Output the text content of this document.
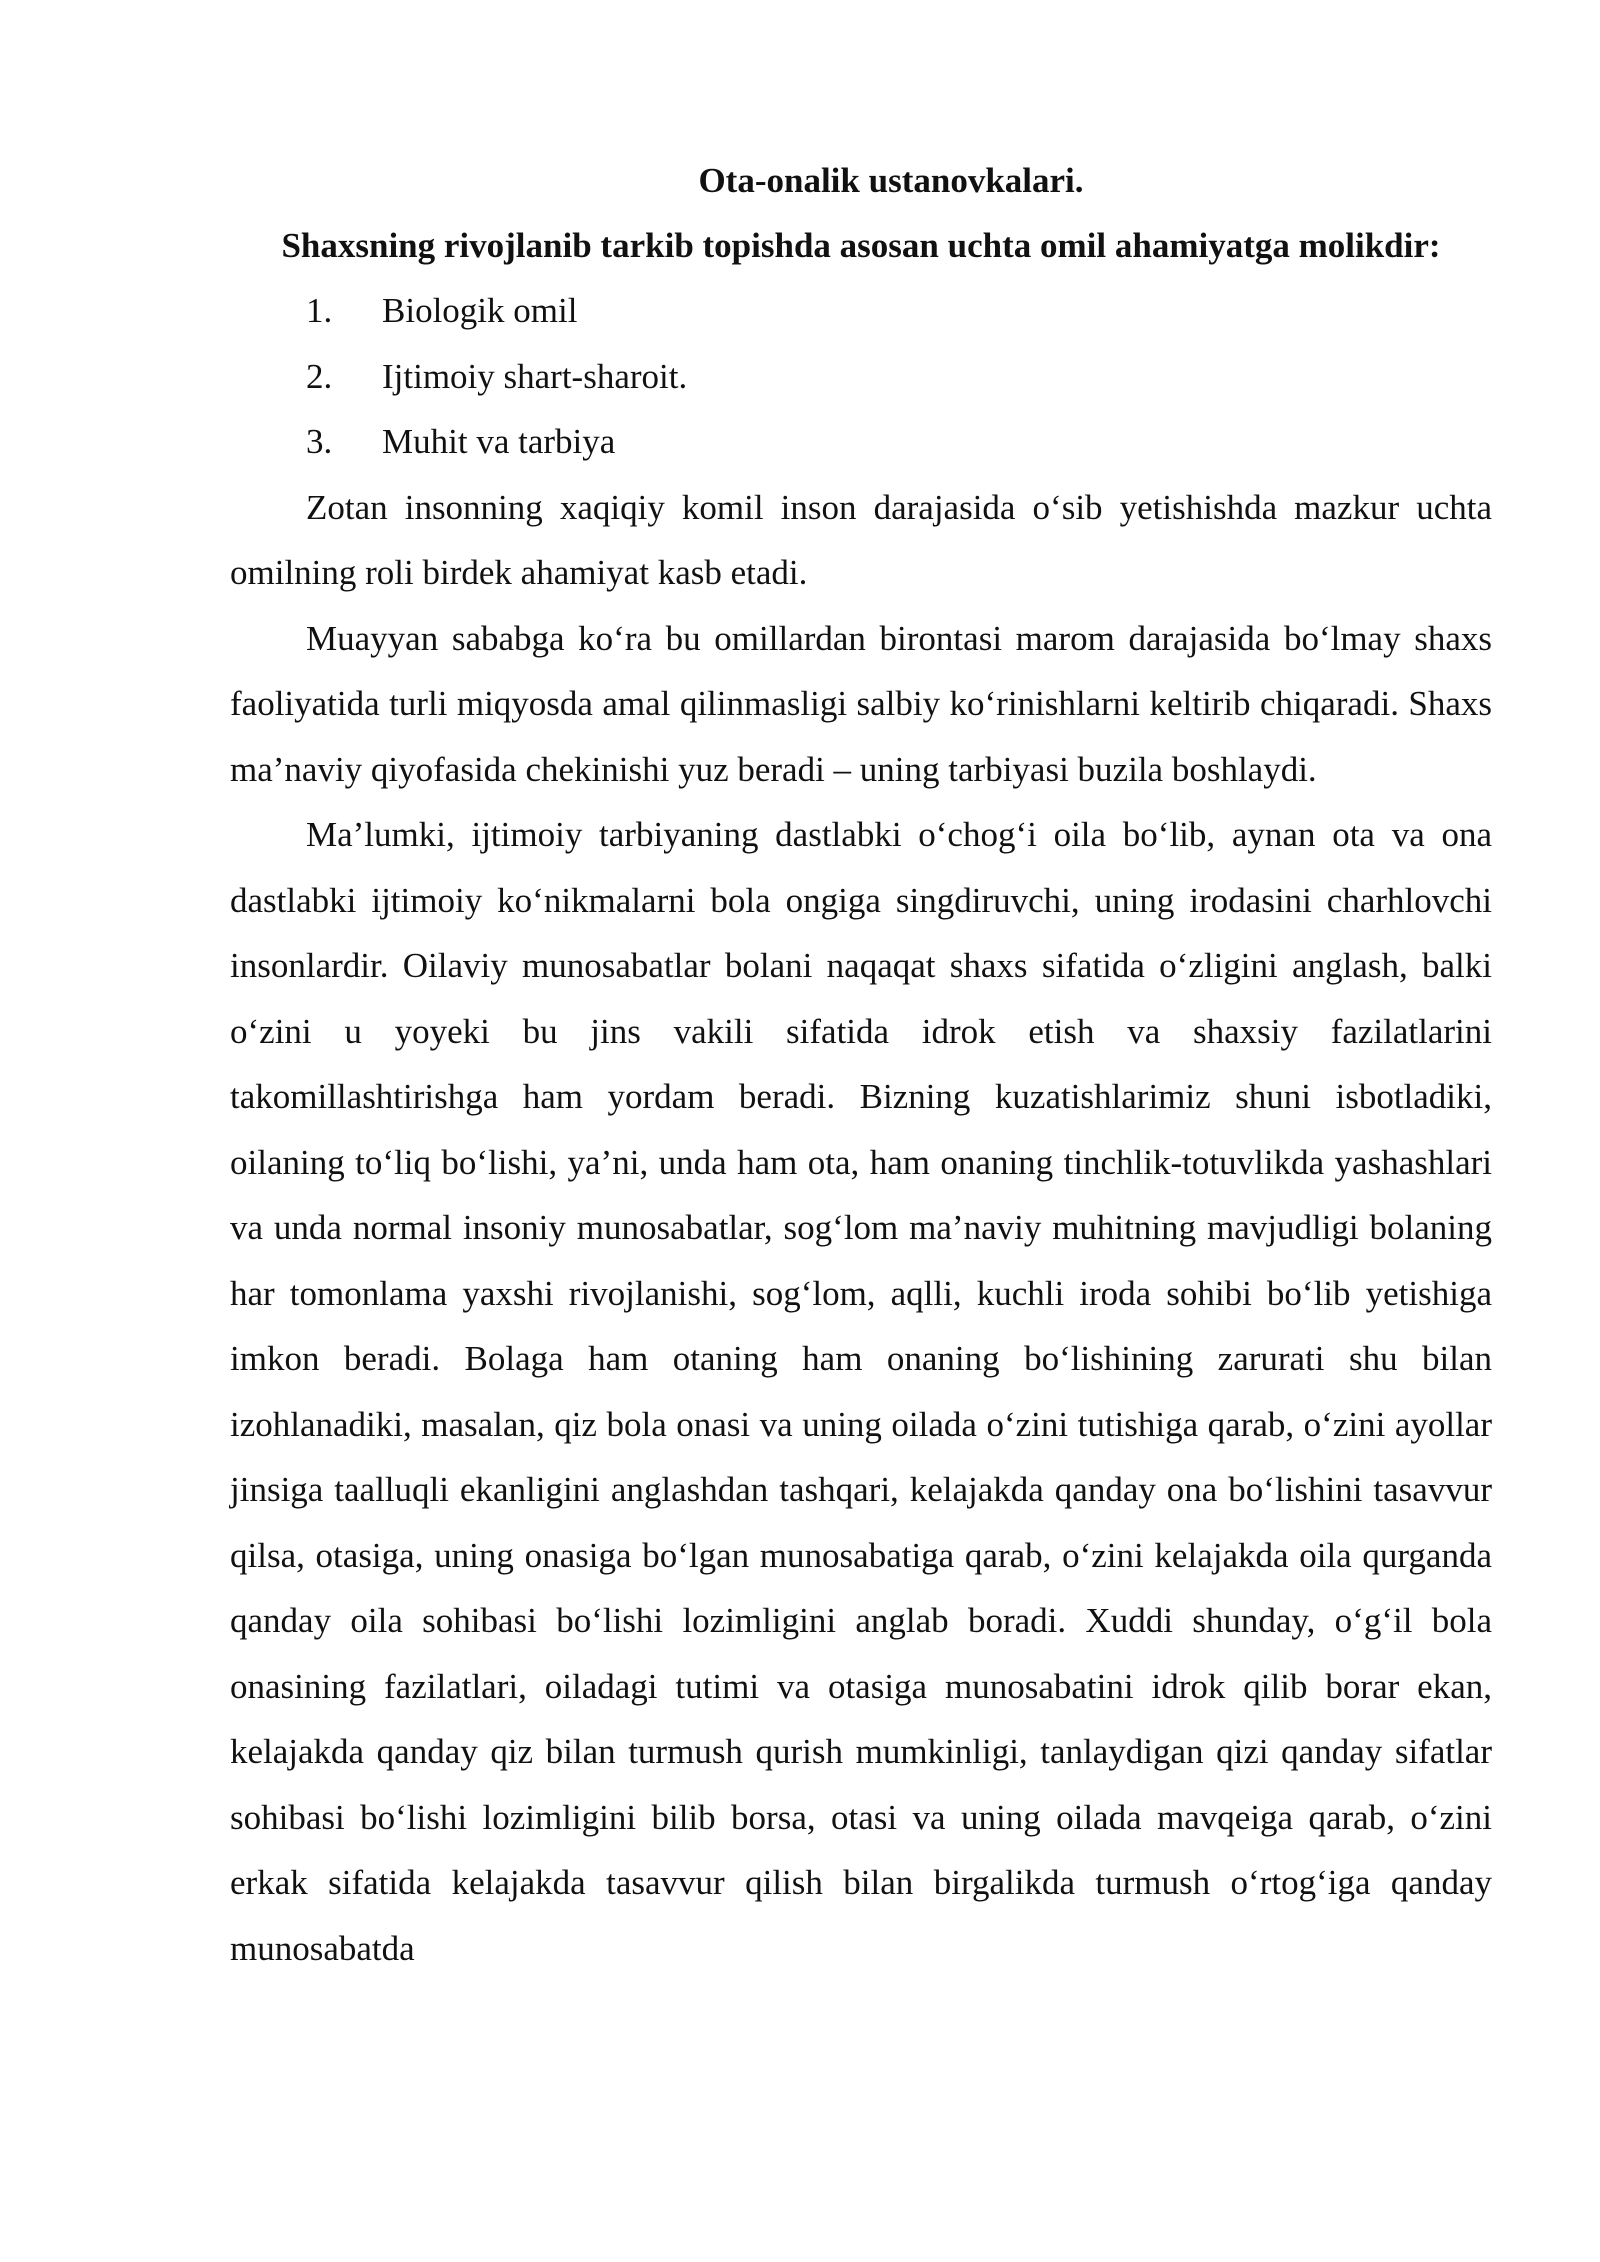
Ota-onalik ustanovkalari.
Shaxsning rivojlanib tarkib topishda asosan uchta omil ahamiyatga molikdir:
1.	Biologik omil
2.	Ijtimoiy shart-sharoit.
3.	Muhit va tarbiya

Zotan insonning xaqiqiy komil inson darajasida o‘sib yetishishda mazkur uchta omilning roli birdek ahamiyat kasb etadi.

Muayyan sababga ko‘ra bu omillardan birontasi marom darajasida bo‘lmay shaxs faoliyatida turli miqyosda amal qilinmasligi salbiy ko‘rinishlarni keltirib chiqaradi. Shaxs ma’naviy qiyofasida chekinishi yuz beradi – uning tarbiyasi buzila boshlaydi.

Ma’lumki, ijtimoiy tarbiyaning dastlabki o‘chog‘i oila bo‘lib, aynan ota va ona dastlabki ijtimoiy ko‘nikmalarni bola ongiga singdiruvchi, uning irodasini charhlovchi insonlardir. Oilaviy munosabatlar bolani naqaqat shaxs sifatida o‘zligini anglash, balki o‘zini u yoyeki bu jins vakili sifatida idrok etish va shaxsiy fazilatlarini takomillashtirishga ham yordam beradi. Bizning kuzatishlarimiz shuni isbotladiki, oilaning to‘liq bo‘lishi, ya’ni, unda ham ota, ham onaning tinchlik-totuvlikda yashashlari va unda normal insoniy munosabatlar, sog‘lom ma’naviy muhitning mavjudligi bolaning har tomonlama yaxshi rivojlanishi, sog‘lom, aqlli, kuchli iroda sohibi bo‘lib yetishiga imkon beradi. Bolaga ham otaning ham onaning bo‘lishining zarurati shu bilan izohlanadiki, masalan, qiz bola onasi va uning oilada o‘zini tutishiga qarab, o‘zini ayollar jinsiga taalluqli ekanligini anglashdan tashqari, kelajakda qanday ona bo‘lishini tasavvur qilsa, otasiga, uning onasiga bo‘lgan munosabatiga qarab, o‘zini kelajakda oila qurganda qanday oila sohibasi bo‘lishi lozimligini anglab boradi. Xuddi shunday, o‘g‘il bola onasining fazilatlari, oiladagi tutimi va otasiga munosabatini idrok qilib borar ekan, kelajakda qanday qiz bilan turmush qurish mumkinligi, tanlaydigan qizi qanday sifatlar sohibasi bo‘lishi lozimligini bilib borsa, otasi va uning oilada mavqeiga qarab, o‘zini erkak sifatida kelajakda tasavvur qilish bilan birgalikda turmush o‘rtog‘iga qanday munosabatda
